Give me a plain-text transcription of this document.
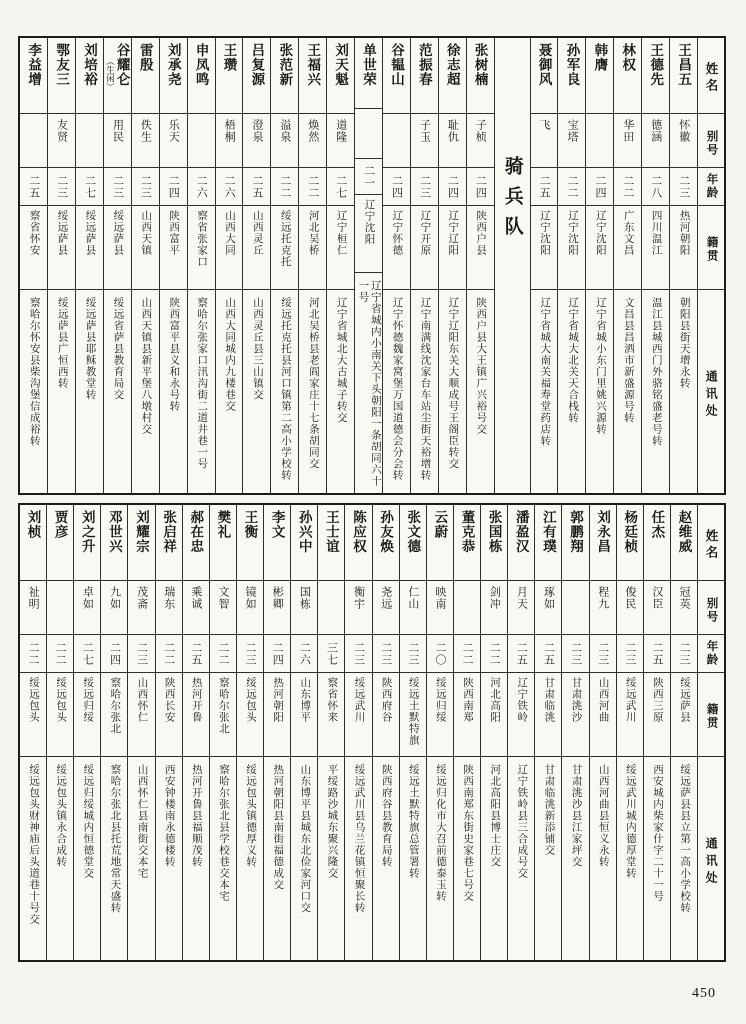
姓名
别号
年龄
籍贯
通讯处
王昌五
怀徽
二三
热河朝阳
朝阳县街天增永转
王德先
德涵
二八
四川温江
温江县城西门外骆铭盛老号转
林权
华田
二二
广东文昌
文昌县昌洒市新盛源号转
韩膺
二四
辽宁沈阳
辽宁省城小东门里姚兴源转
孙军良
宝塔
二二
辽宁沈阳
辽宁省城大北关天合栈转
聂御风
飞
二五
辽宁沈阳
辽宁省城大南关福寿堂药店转
骑兵队
张树楠
子桢
二四
陕西户县
陕西户县大王镇广兴裕号交
徐志超
耻仇
二四
辽宁辽阳
辽宁辽阳东关大顺成号王阁臣转交
范振春
子玉
二三
辽宁开原
辽宁南满线沈家台车站尘街天裕增转
谷韫山
二四
辽宁怀德
辽宁怀德魏家窝堡万国道德会分会转
单世荣
二一
辽宁沈阳
辽宁省城内小南关下头朝阳一条胡同六十一号
刘天魁
道隆
二七
辽宁桓仁
辽宁省城北大古城子转交
王福兴
焕然
二二
河北吴桥
河北吴桥县老阎家庄十七条胡同交
张范新
溢泉
二二
绥远托克托
绥远托克托县河口镇第二高小学校转
吕复源
澄泉
二五
山西灵丘
山西灵丘县三山镇交
王瓒
梧桐
二六
山西大同
山西大同城内九楼巷交
申凤鸣
二六
察省张家口
察哈尔张家口汛沟街二道井巷一号
刘承尧
乐天
二四
陕西富平
陕西富平县义和永号转
雷殷
佚生
二三
山西天镇
山西天镇县新平堡八墩村交
（生闲） 谷耀仑
用民
二三
绥远萨县
绥远省萨县教育局交
刘培裕
二七
绥远萨县
绥远萨县耶稣教堂转
鄂友三
友贤
二三
绥远萨县
绥远萨县广恒西转
李益增
二五
察省怀安
察哈尔怀安县柴沟堡信成裕转
姓名
别号
年龄
籍贯
通讯处
赵维威
冠英
二三
绥远萨县
绥远萨县县立第一高小学校转
任杰
汉臣
二五
陕西三原
西安城内柴家什字二十一号
杨廷桢
俊民
二三
绥远武川
绥远武川城内德厚堂转
刘永昌
程九
二三
山西河曲
山西河曲县恒义永转
郭鹏翔
二三
甘肃洮沙
甘肃洮沙县江家坪交
江有璞
琢如
二五
甘肃临洮
甘肃临洮新添铺交
潘盈汉
月天
二五
辽宁铁岭
辽宁铁岭县三合成号交
张国栋
剑冲
二二
河北高阳
河北高阳县博士庄交
董克恭
二二
陕西南郑
陕西南郑东街史家巷七号交
云蔚
映南
二〇
绥远归绥
绥远归化市大召前德泰玉转
张文德
仁山
二三
绥远土默特旗
绥远土默特旗总管署转
孙友焕
尧远
二三
陕西府谷
陕西府谷县教育局转
陈应权
衡宇
二三
绥远武川
绥远武川县乌兰花镇恒聚长转
王士谊
三七
察省怀来
平绥路沙城东聚兴隆交
孙兴中
国栋
二六
山东博平
山东博平县城东北俭家河口交
李文
彬卿
二四
热河朝阳
热河朝阳县南街福德成交
王衡
镜如
二三
绥远包头
绥远包头镇德厚义转
樊礼
文智
二二
察哈尔张北
察哈尔张北县学校巷交本宅
郝在忠
乘诚
二五
热河开鲁
热河开鲁县福顺茂转
张启祥
瑞东
二二
陕西长安
西安钟楼南永德楼转
刘耀宗
茂斋
二三
山西怀仁
山西怀仁县南街交本宅
邓世兴
九如
二四
察哈尔张北
察哈尔张北县托荒地常天盛转
刘之升
卓如
二七
绥远归绥
绥远归绥城内恒德堂交
贾彦
二二
绥远包头
绥远包头镇永合成转
刘桢
祉明
二二
绥远包头
绥远包头财神庙后头道巷十号交
450
